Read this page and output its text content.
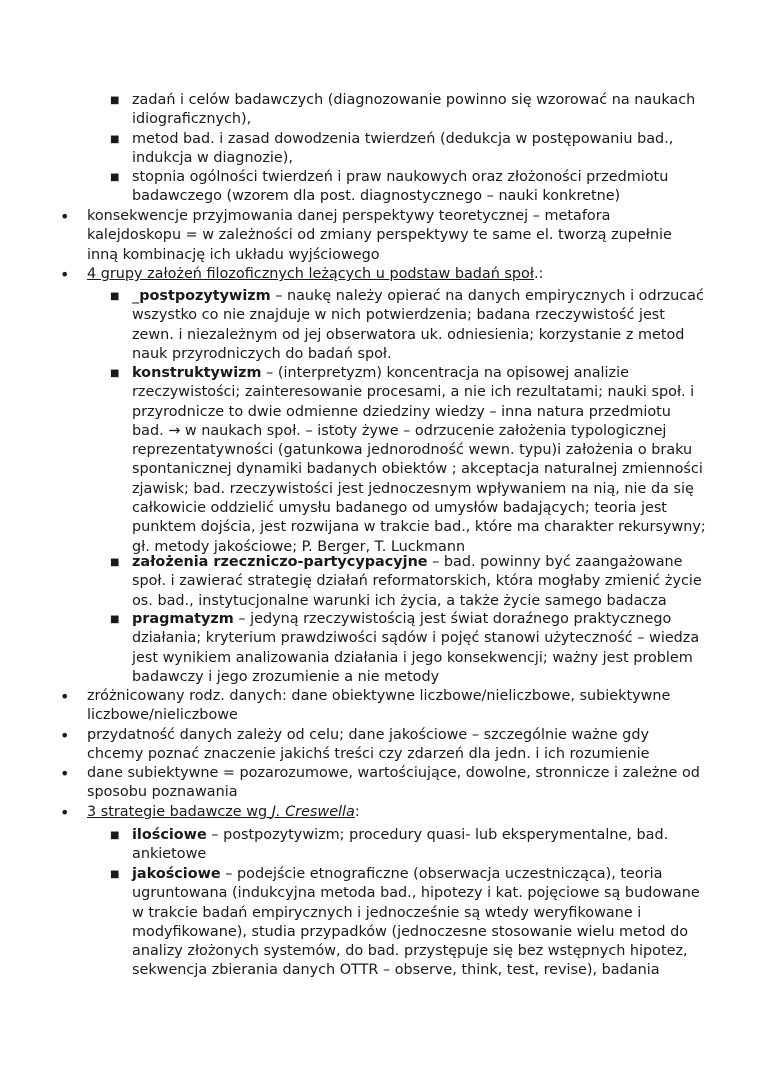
■ zadań i celów badawczych (diagnozowanie powinno się wzorować na naukach idiograficznych),
■ metod bad. i zasad dowodzenia twierdzeń (dedukcja w postępowaniu bad., indukcja w diagnozie),
■ stopnia ogólności twierdzeń i praw naukowych oraz złożoności przedmiotu badawczego (wzorem dla post. diagnostycznego – nauki konkretne)
• konsekwencje przyjmowania danej perspektywy teoretycznej – metafora kalejdoskopu = w zależności od zmiany perspektywy te same el. tworzą zupełnie inną kombinację ich układu wyjściowego
• 4 grupy założeń filozoficznych leżących u podstaw badań społ.:
■ _postpozytywizm – naukę należy opierać na danych empirycznych i odrzucać wszystko co nie znajduje w nich potwierdzenia; badana rzeczywistość jest zewn. i niezależnym od jej obserwatora uk. odniesienia; korzystanie z metod nauk przyrodniczych do badań społ.
■ konstruktywizm – (interpretyzm) koncentracja na opisowej analizie rzeczywistości; zainteresowanie procesami, a nie ich rezultatami; nauki społ. i przyrodnicze to dwie odmienne dziedziny wiedzy – inna natura przedmiotu bad. → w naukach społ. – istoty żywe – odrzucenie założenia typologicznej reprezentatywności (gatunkowa jednorodność wewn. typu)i założenia o braku spontanicznej dynamiki badanych obiektów ; akceptacja naturalnej zmienności zjawisk; bad. rzeczywistości jest jednoczesnym wpływaniem na nią, nie da się całkowicie oddzielić umysłu badanego od umysłów badających; teoria jest punktem dojścia, jest rozwijana w trakcie bad., które ma charakter rekursywny; gł. metody jakościowe; P. Berger, T. Luckmann
■ założenia rzeczniczo-partycypacyjne – bad. powinny być zaangażowane społ. i zawierać strategię działań reformatorskich, która mogłaby zmienić życie os. bad., instytucjonalne warunki ich życia, a także życie samego badacza
■ pragmatyzm – jedyną rzeczywistością jest świat doraźnego praktycznego działania; kryterium prawdziwości sądów i pojęć stanowi użyteczność – wiedza jest wynikiem analizowania działania i jego konsekwencji; ważny jest problem badawczy i jego zrozumienie a nie metody
• zróżnicowany rodz. danych: dane obiektywne liczbowe/nieliczbowe, subiektywne liczbowe/nieliczbowe
• przydatność danych zależy od celu; dane jakościowe – szczególnie ważne gdy chcemy poznać znaczenie jakichś treści czy zdarzeń dla jedn. i ich rozumienie
• dane subiektywne = pozarozumowe, wartościujące, dowolne, stronnicze i zależne od sposobu poznawania
• 3 strategie badawcze wg J. Creswella:
■ ilościowe – postpozytywizm; procedury quasi- lub eksperymentalne, bad. ankietowe
■ jakościowe – podejście etnograficzne (obserwacja uczestnicząca), teoria ugruntowana (indukcyjna metoda bad., hipotezy i kat. pojęciowe są budowane w trakcie badań empirycznych i jednocześnie są wtedy weryfikowane i modyfikowane), studia przypadków (jednoczesne stosowanie wielu metod do analizy złożonych systemów, do bad. przystępuje się bez wstępnych hipotez, sekwencja zbierania danych OTTR – observe, think, test, revise), badania
